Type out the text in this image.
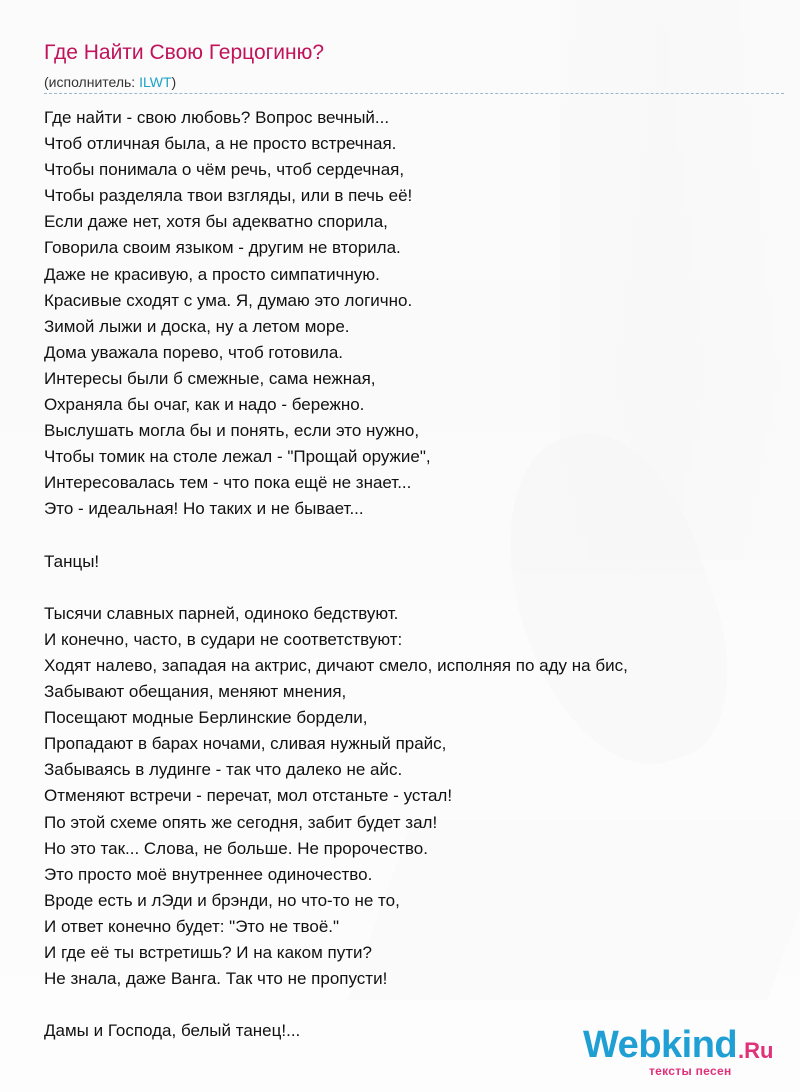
Где Найти Свою Герцогиню?
(исполнитель: ILWT)
Где найти - свою любовь? Вопрос вечный...
Чтоб отличная была, а не просто встречная.
Чтобы понимала о чём речь, чтоб сердечная,
Чтобы разделяла твои взгляды, или в печь её!
Если даже нет, хотя бы адекватно спорила,
Говорила своим языком - другим не вторила.
Даже не красивую, а просто симпатичную.
Красивые сходят с ума. Я, думаю это логично.
Зимой лыжи и доска, ну а летом море.
Дома уважала порево, чтоб готовила.
Интересы были б смежные, сама нежная,
Охраняла бы очаг, как и надо - бережно.
Выслушать могла бы и понять, если это нужно,
Чтобы томик на столе лежал - "Прощай оружие",
Интересовалась тем - что пока ещё не знает...
Это - идеальная! Но таких и не бывает...
Танцы!
Тысячи славных парней, одиноко бедствуют.
И конечно, часто, в судари не соответствуют:
Ходят налево, западая на актрис, дичают смело, исполняя по аду на бис,
Забывают обещания, меняют мнения,
Посещают модные Берлинские бордели,
Пропадают в барах ночами, сливая нужный прайс,
Забываясь в лудинге - так что далеко не айс.
Отменяют встречи - перечат, мол отстаньте - устал!
По этой схеме опять же сегодня, забит будет зал!
Но это так... Слова, не больше. Не пророчество.
Это просто моё внутреннее одиночество.
Вроде есть и лЭди и брэнди, но что-то не то,
И ответ конечно будет: "Это не твоё."
И где её ты встретишь? И на каком пути?
Не знала, даже Ванга. Так что не пропусти!
Дамы и Господа, белый танец!...	Webkind .Ru
тексты песен
